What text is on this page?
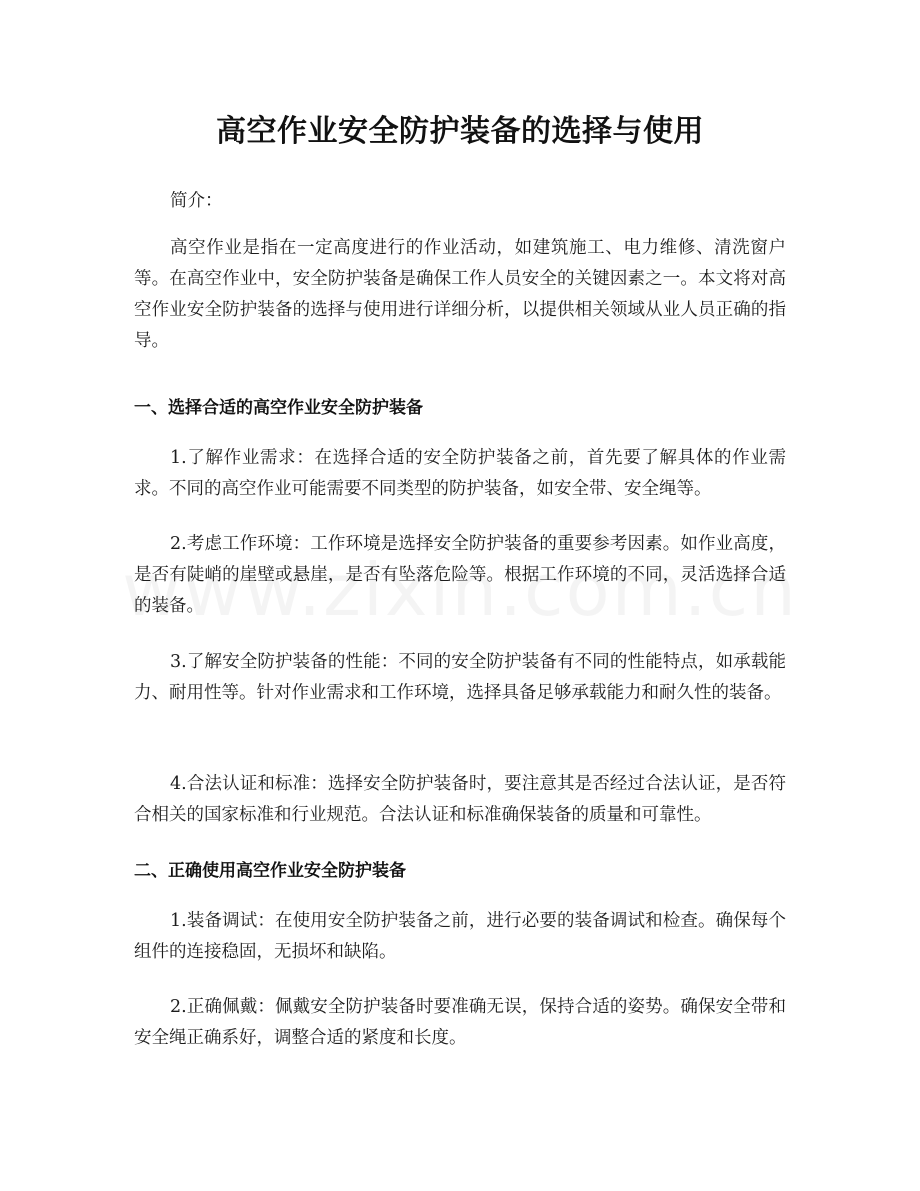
高空作业安全防护装备的选择与使用
简介：
高空作业是指在一定高度进行的作业活动，如建筑施工、电力维修、清洗窗户等。在高空作业中，安全防护装备是确保工作人员安全的关键因素之一。本文将对高空作业安全防护装备的选择与使用进行详细分析，以提供相关领域从业人员正确的指导。
一、选择合适的高空作业安全防护装备
1.了解作业需求：在选择合适的安全防护装备之前，首先要了解具体的作业需求。不同的高空作业可能需要不同类型的防护装备，如安全带、安全绳等。
2.考虑工作环境：工作环境是选择安全防护装备的重要参考因素。如作业高度，是否有陡峭的崖壁或悬崖，是否有坠落危险等。根据工作环境的不同，灵活选择合适的装备。
3.了解安全防护装备的性能：不同的安全防护装备有不同的性能特点，如承载能力、耐用性等。针对作业需求和工作环境，选择具备足够承载能力和耐久性的装备。
4.合法认证和标准：选择安全防护装备时，要注意其是否经过合法认证，是否符合相关的国家标准和行业规范。合法认证和标准确保装备的质量和可靠性。
二、正确使用高空作业安全防护装备
1.装备调试：在使用安全防护装备之前，进行必要的装备调试和检查。确保每个组件的连接稳固，无损坏和缺陷。
2.正确佩戴：佩戴安全防护装备时要准确无误，保持合适的姿势。确保安全带和安全绳正确系好，调整合适的紧度和长度。
